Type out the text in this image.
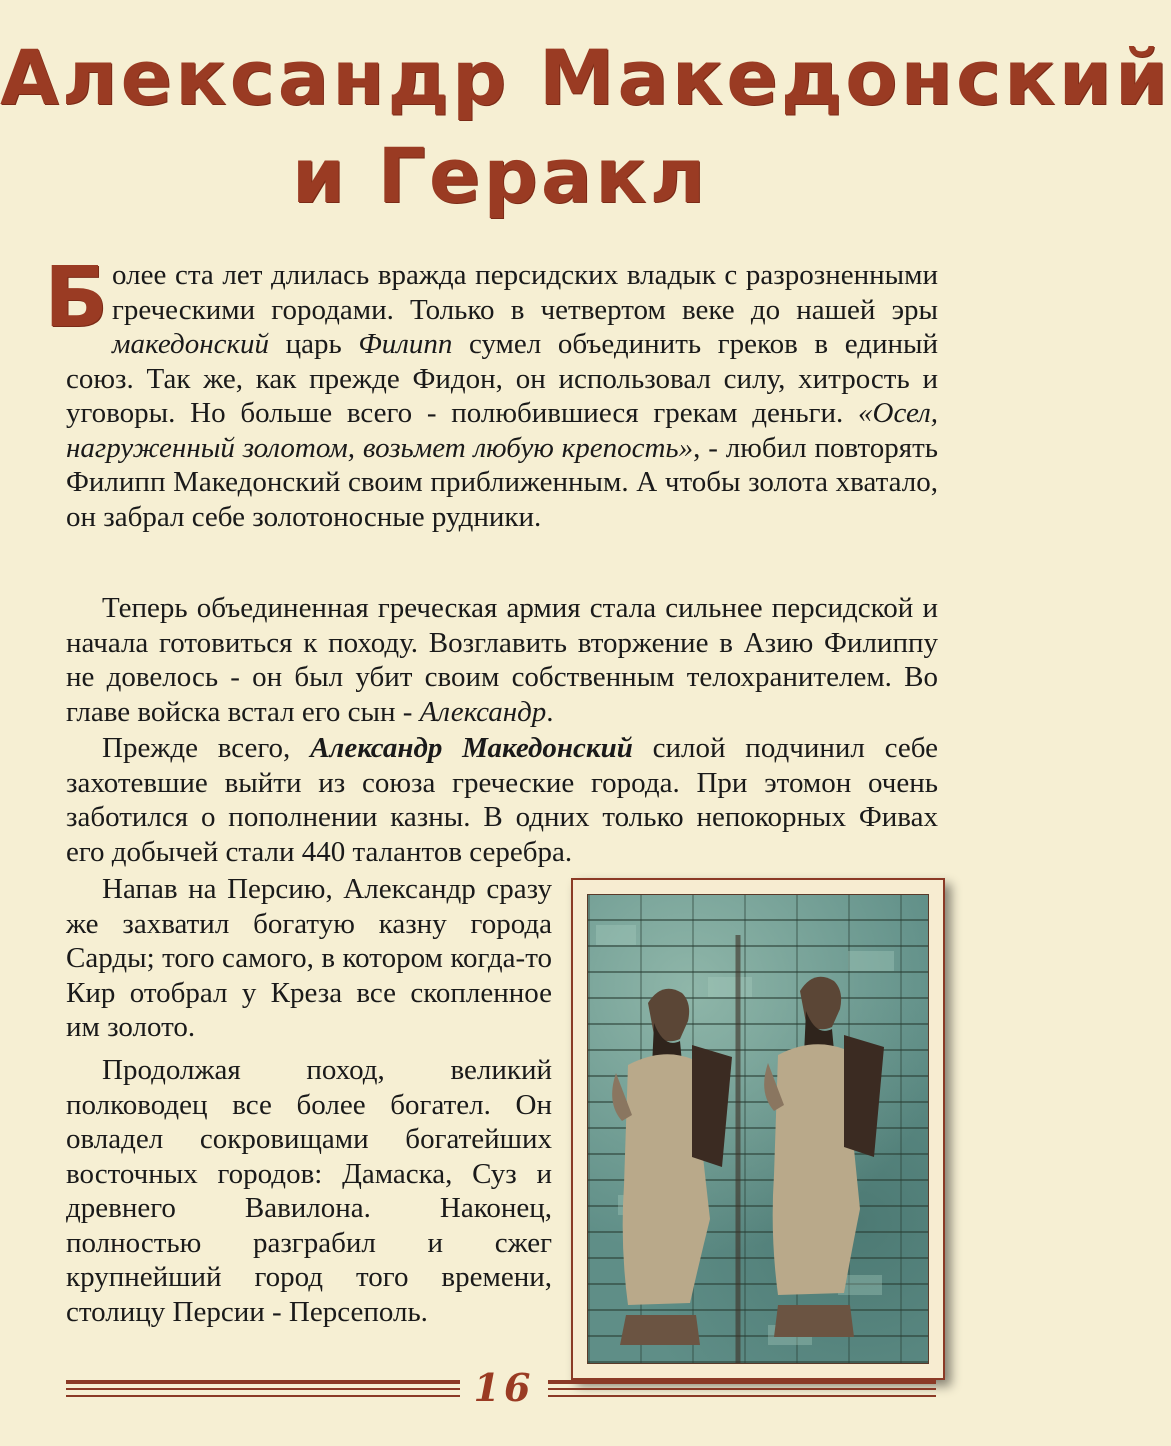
Александр Македонский
и Геракл

Более ста лет длилась вражда персидских владык с разрозненными греческими городами. Только в четвертом веке до нашей эры македонский царь Филипп сумел объединить греков в единый союз. Так же, как прежде Фидон, он использовал силу, хитрость и уговоры. Но больше всего - полюбившиеся грекам деньги. «Осел, нагруженный золотом, возьмет любую крепость», - любил повторять Филипп Македонский своим приближенным. А чтобы золота хватало, он забрал себе золотоносные рудники.

Теперь объединенная греческая армия стала сильнее персидской и начала готовиться к походу. Возглавить вторжение в Азию Филиппу не довелось - он был убит своим собственным телохранителем. Во главе войска встал его сын - Александр.

Прежде всего, Александр Македонский силой подчинил себе захотевшие выйти из союза греческие города. При этомон очень заботился о пополнении казны. В одних только непокорных Фивах его добычей стали 440 талантов серебра.

Напав на Персию, Александр сразу же захватил богатую казну города Сарды; того самого, в котором когда-то Кир отобрал у Креза все скопленное им золото.

Продолжая поход, великий полководец все более богател. Он овладел сокровищами богатейших восточных городов: Дамаска, Суз и древнего Вавилона. Наконец, полностью разграбил и сжег крупнейший город того времени, столицу Персии - Персеполь.

16
